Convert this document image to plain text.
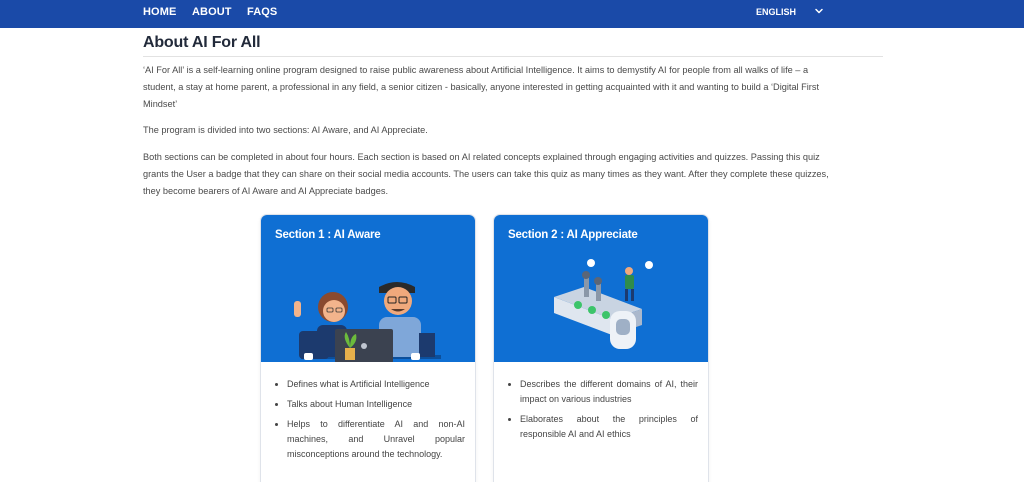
HOME ABOUT FAQS	ENGLISH
About AI For All

‘AI For All’ is a self-learning online program designed to raise public awareness about Artificial Intelligence. It aims to demystify AI for people from all walks of life – a student, a stay at home parent, a professional in any field, a senior citizen - basically, anyone interested in getting acquainted with it and wanting to build a ‘Digital First Mindset’

The program is divided into two sections: AI Aware, and AI Appreciate.

Both sections can be completed in about four hours. Each section is based on AI related concepts explained through engaging activities and quizzes. Passing this quiz grants the User a badge that they can share on their social media accounts. The users can take this quiz as many times as they want. After they complete these quizzes, they become bearers of AI Aware and AI Appreciate badges.

Section 1 : AI Aware
• Defines what is Artificial Intelligence
• Talks about Human Intelligence
• Helps to differentiate AI and non-AI machines, and Unravel popular misconceptions around the technology.
Section 2 : AI Appreciate
• Describes the different domains of AI, their impact on various industries
• Elaborates about the principles of responsible AI and AI ethics
